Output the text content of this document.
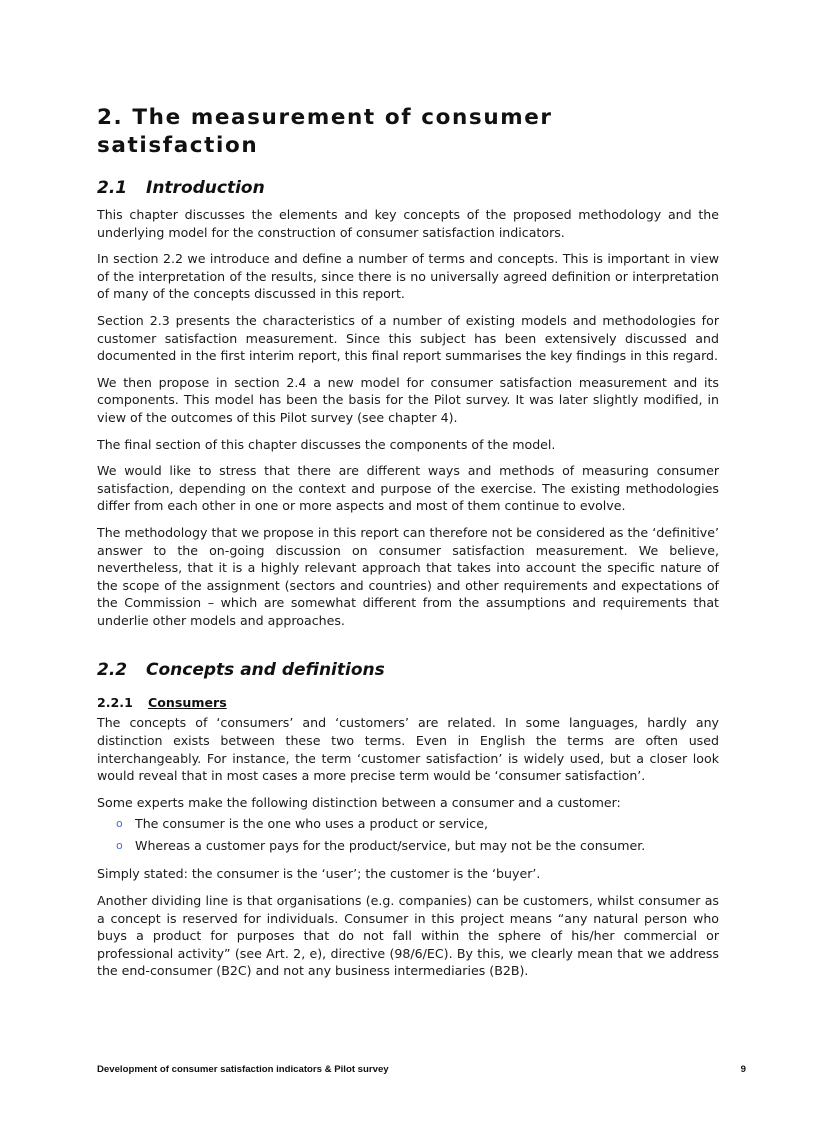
2. The measurement of consumer satisfaction
2.1 Introduction

This chapter discusses the elements and key concepts of the proposed methodology and the underlying model for the construction of consumer satisfaction indicators.

In section 2.2 we introduce and define a number of terms and concepts. This is important in view of the interpretation of the results, since there is no universally agreed definition or interpretation of many of the concepts discussed in this report.

Section 2.3 presents the characteristics of a number of existing models and methodologies for customer satisfaction measurement. Since this subject has been extensively discussed and documented in the first interim report, this final report summarises the key findings in this regard.

We then propose in section 2.4 a new model for consumer satisfaction measurement and its components. This model has been the basis for the Pilot survey. It was later slightly modified, in view of the outcomes of this Pilot survey (see chapter 4).

The final section of this chapter discusses the components of the model.

We would like to stress that there are different ways and methods of measuring consumer satisfaction, depending on the context and purpose of the exercise. The existing methodologies differ from each other in one or more aspects and most of them continue to evolve.

The methodology that we propose in this report can therefore not be considered as the ‘definitive’ answer to the on-going discussion on consumer satisfaction measurement. We believe, nevertheless, that it is a highly relevant approach that takes into account the specific nature of the scope of the assignment (sectors and countries) and other requirements and expectations of the Commission – which are somewhat different from the assumptions and requirements that underlie other models and approaches.

2.2 Concepts and definitions
2.2.1 Consumers

The concepts of ‘consumers’ and ‘customers’ are related. In some languages, hardly any distinction exists between these two terms. Even in English the terms are often used interchangeably. For instance, the term ‘customer satisfaction’ is widely used, but a closer look would reveal that in most cases a more precise term would be ‘consumer satisfaction’.

Some experts make the following distinction between a consumer and a customer:

o The consumer is the one who uses a product or service,
o Whereas a customer pays for the product/service, but may not be the consumer.

Simply stated: the consumer is the ‘user’; the customer is the ‘buyer’.

Another dividing line is that organisations (e.g. companies) can be customers, whilst consumer as a concept is reserved for individuals. Consumer in this project means “any natural person who buys a product for purposes that do not fall within the sphere of his/her commercial or professional activity” (see Art. 2, e), directive (98/6/EC). By this, we clearly mean that we address the end-consumer (B2C) and not any business intermediaries (B2B).

Development of consumer satisfaction indicators & Pilot survey	9
